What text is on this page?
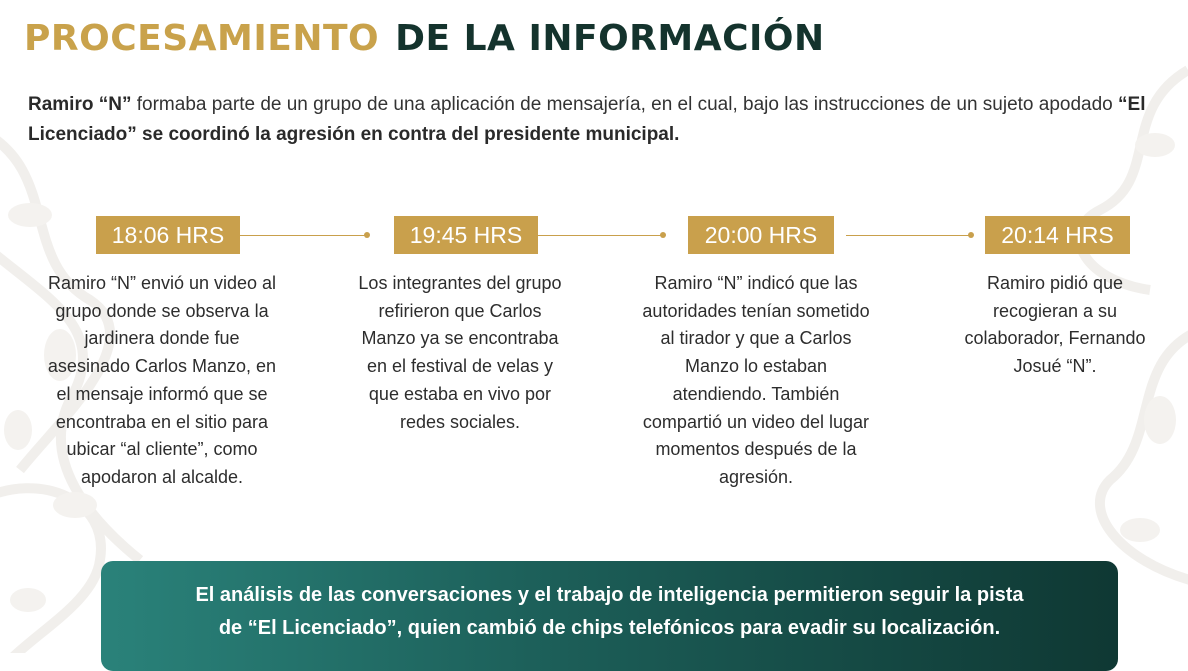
PROCESAMIENTO DE LA INFORMACIÓN

Ramiro “N” formaba parte de un grupo de una aplicación de mensajería, en el cual, bajo las instrucciones de un sujeto apodado “El Licenciado” se coordinó la agresión en contra del presidente municipal.

18:06 HRS	19:45 HRS	20:00 HRS	20:14 HRS

Ramiro “N” envió un video al grupo donde se observa la jardinera donde fue asesinado Carlos Manzo, en el mensaje informó que se encontraba en el sitio para ubicar “al cliente”, como apodaron al alcalde.

Los integrantes del grupo refirieron que Carlos Manzo ya se encontraba en el festival de velas y que estaba en vivo por redes sociales.

Ramiro “N” indicó que las autoridades tenían sometido al tirador y que a Carlos Manzo lo estaban atendiendo. También compartió un video del lugar momentos después de la agresión.

Ramiro pidió que recogieran a su colaborador, Fernando Josué “N”.

El análisis de las conversaciones y el trabajo de inteligencia permitieron seguir la pista
de “El Licenciado”, quien cambió de chips telefónicos para evadir su localización.
